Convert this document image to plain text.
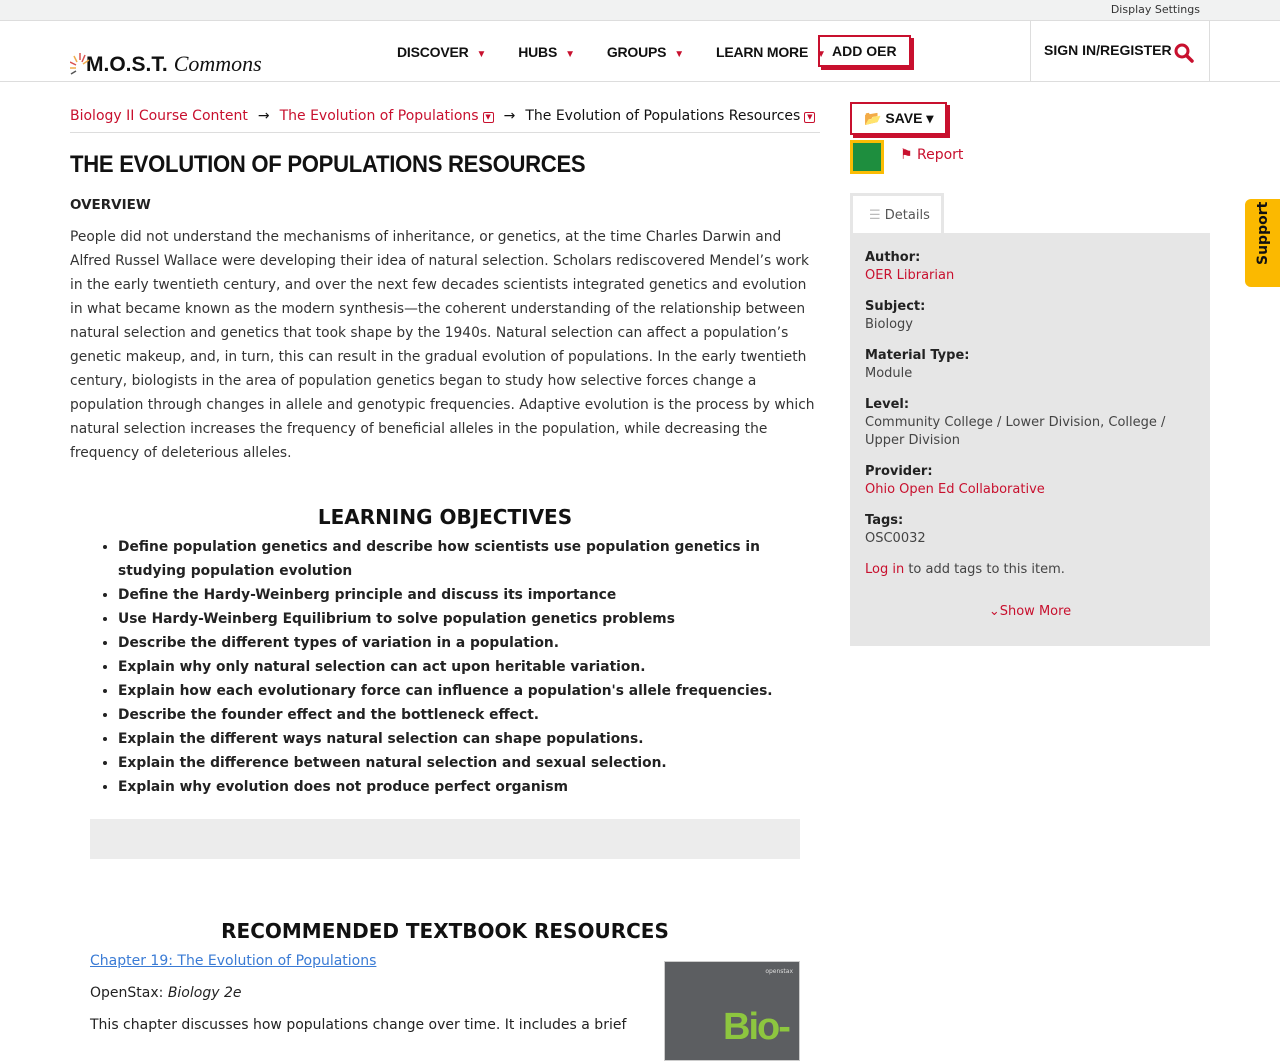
Display Settings
M.O.S.T. Commons	DISCOVER ▼ HUBS ▼ GROUPS ▼ LEARN MORE ▼ ADD OER	SIGN IN/REGISTER
Biology II Course Content → The Evolution of Populations ▼ → The Evolution of Populations Resources ▼
THE EVOLUTION OF POPULATIONS RESOURCES
OVERVIEW

People did not understand the mechanisms of inheritance, or genetics, at the time Charles Darwin and Alfred Russel Wallace were developing their idea of natural selection. Scholars rediscovered Mendel’s work in the early twentieth century, and over the next few decades scientists integrated genetics and evolution in what became known as the modern synthesis—the coherent understanding of the relationship between natural selection and genetics that took shape by the 1940s. Natural selection can affect a population’s genetic makeup, and, in turn, this can result in the gradual evolution of populations. In the early twentieth century, biologists in the area of population genetics began to study how selective forces change a population through changes in allele and genotypic frequencies. Adaptive evolution is the process by which natural selection increases the frequency of beneficial alleles in the population, while decreasing the frequency of deleterious alleles.

LEARNING OBJECTIVES
• Define population genetics and describe how scientists use population genetics in studying population evolution
• Define the Hardy-Weinberg principle and discuss its importance
• Use Hardy-Weinberg Equilibrium to solve population genetics problems
• Describe the different types of variation in a population.
• Explain why only natural selection can act upon heritable variation.
• Explain how each evolutionary force can influence a population's allele frequencies.
• Describe the founder effect and the bottleneck effect.
• Explain the different ways natural selection can shape populations.
• Explain the difference between natural selection and sexual selection.
• Explain why evolution does not produce perfect organism
RECOMMENDED TEXTBOOK RESOURCES
Chapter 19: The Evolution of Populations

OpenStax: Biology 2e

This chapter discusses how populations change over time. It includes a brief

openstax
Bio-
📂 SAVE ▾
⚑ Report
☰ Details
Author:
OER Librarian
Subject:
Biology
Material Type:
Module
Level:
Community College / Lower Division, College / Upper Division
Provider:
Ohio Open Ed Collaborative
Tags:
OSC0032
Log in to add tags to this item.
⌄Show More
Support
